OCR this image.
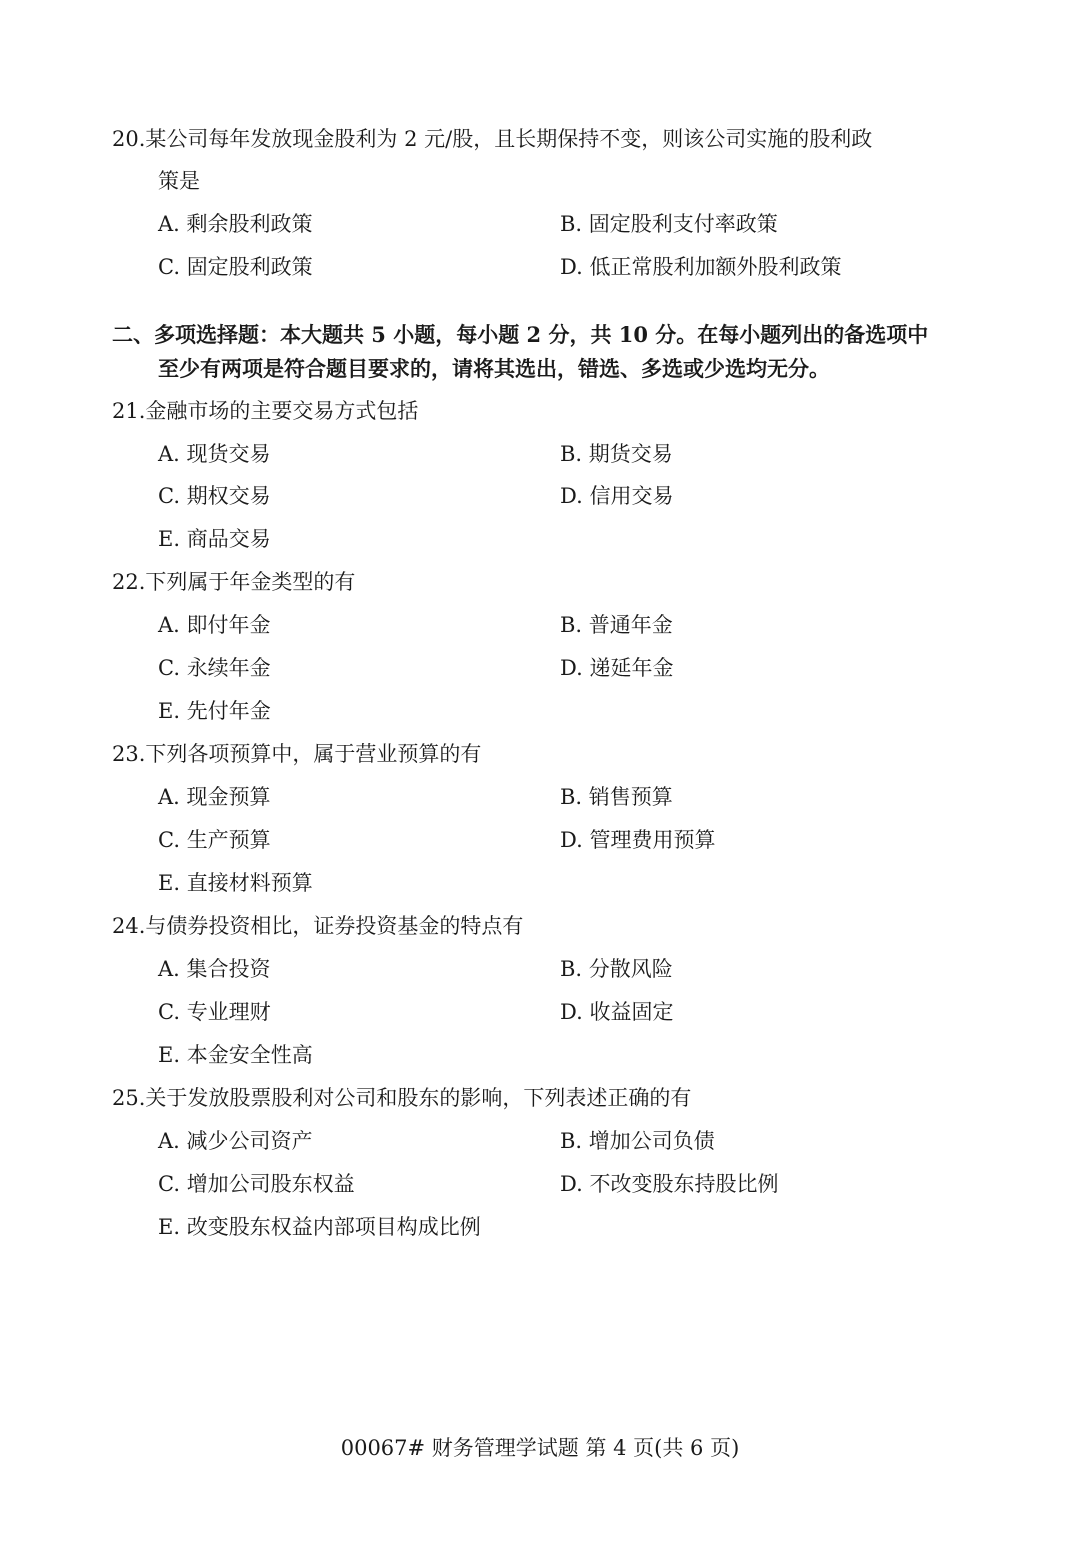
20.某公司每年发放现金股利为 2 元/股，且长期保持不变，则该公司实施的股利政
策是
A. 剩余股利政策	B. 固定股利支付率政策
C. 固定股利政策	D. 低正常股利加额外股利政策
二、多项选择题：本大题共 5 小题，每小题 2 分，共 10 分。在每小题列出的备选项中
至少有两项是符合题目要求的，请将其选出，错选、多选或少选均无分。
21.金融市场的主要交易方式包括
A. 现货交易	B. 期货交易
C. 期权交易	D. 信用交易
E. 商品交易
22.下列属于年金类型的有
A. 即付年金	B. 普通年金
C. 永续年金	D. 递延年金
E. 先付年金
23.下列各项预算中，属于营业预算的有
A. 现金预算	B. 销售预算
C. 生产预算	D. 管理费用预算
E. 直接材料预算
24.与债券投资相比，证券投资基金的特点有
A. 集合投资	B. 分散风险
C. 专业理财	D. 收益固定
E. 本金安全性高
25.关于发放股票股利对公司和股东的影响，下列表述正确的有
A. 减少公司资产	B. 增加公司负债
C. 增加公司股东权益	D. 不改变股东持股比例
E. 改变股东权益内部项目构成比例
00067# 财务管理学试题 第 4 页(共 6 页)
